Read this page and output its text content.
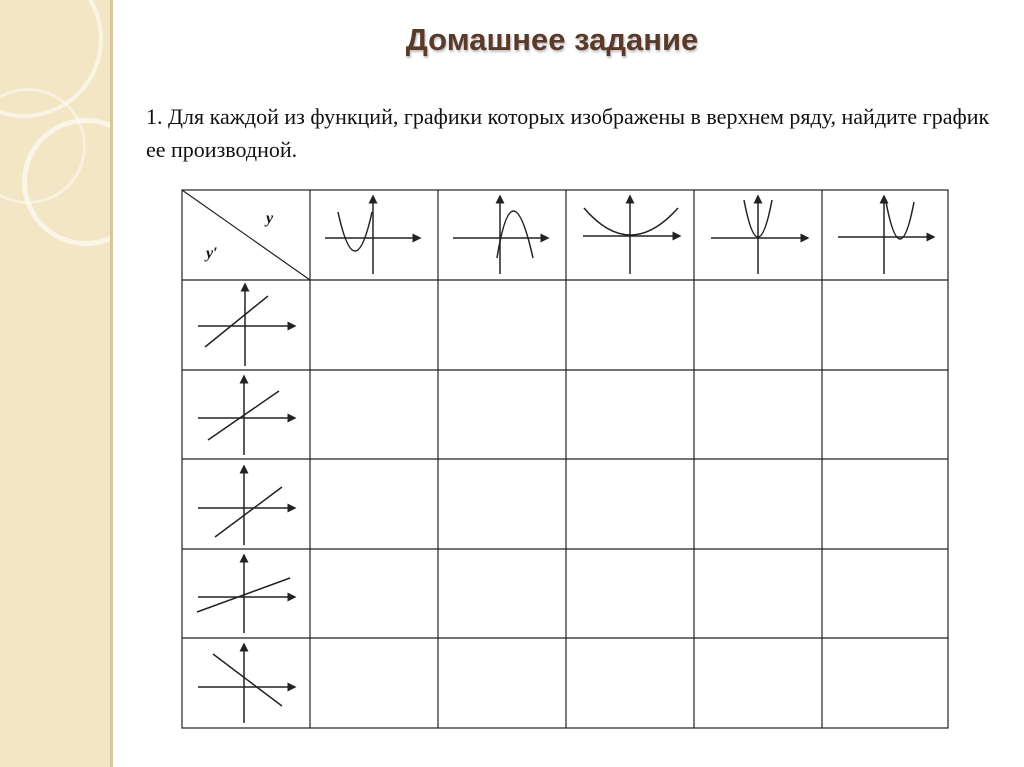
Домашнее задание
1. Для каждой из функций, графики которых изображены в верхнем ряду, найдите график ее производной.
y
y′
